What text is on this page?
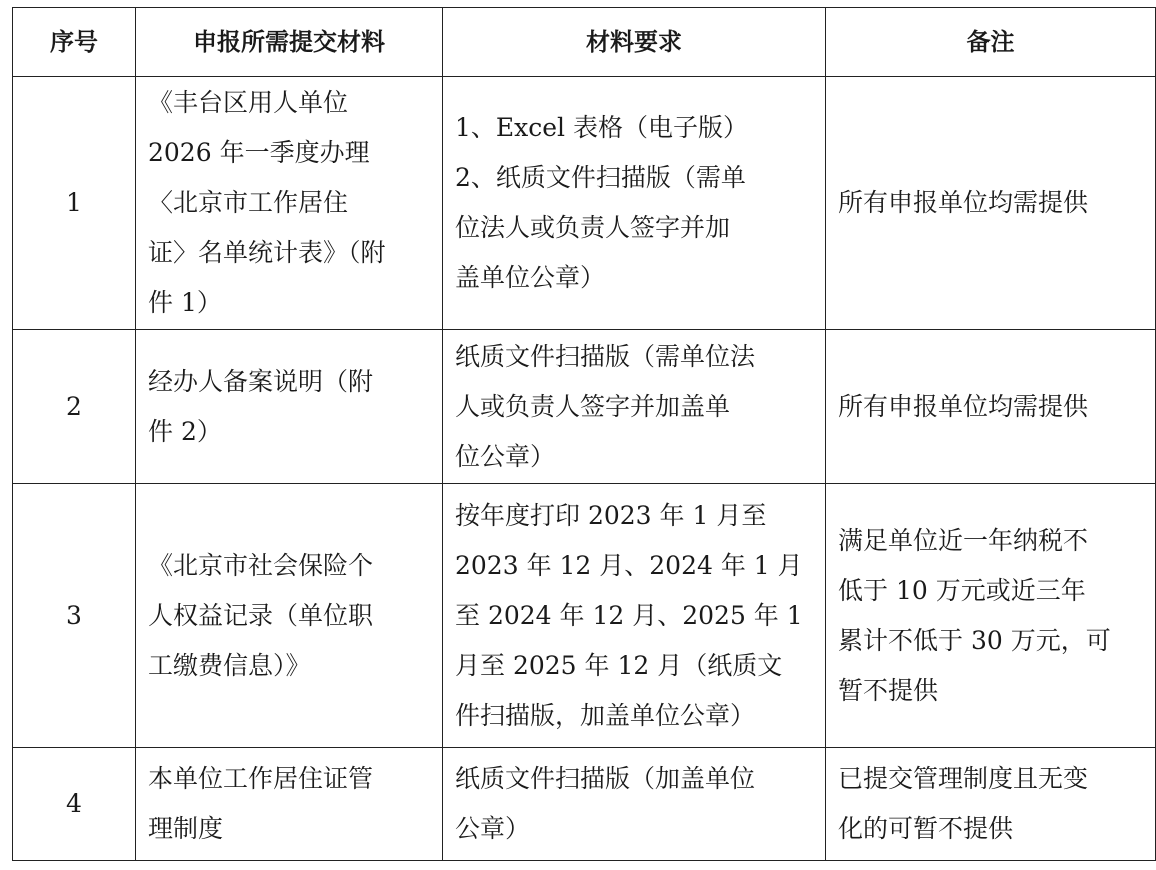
序号	申报所需提交材料	材料要求	备注
1	《丰台区用人单位
2026 年一季度办理
〈北京市工作居住
证〉名单统计表》（附
件 1）	1、Excel 表格（电子版）
2、纸质文件扫描版（需单
位法人或负责人签字并加
盖单位公章）	所有申报单位均需提供

2	经办人备案说明（附
件 2）	纸质文件扫描版（需单位法
人或负责人签字并加盖单
位公章）	所有申报单位均需提供

3	《北京市社会保险个
人权益记录（单位职
工缴费信息）》	按年度打印 2023 年 1 月至
2023 年 12 月、2024 年 1 月
至 2024 年 12 月、2025 年 1
月至 2025 年 12 月（纸质文
件扫描版，加盖单位公章）	满足单位近一年纳税不
低于 10 万元或近三年
累计不低于 30 万元，可
暂不提供

4	本单位工作居住证管
理制度	纸质文件扫描版（加盖单位
公章）	已提交管理制度且无变
化的可暂不提供
